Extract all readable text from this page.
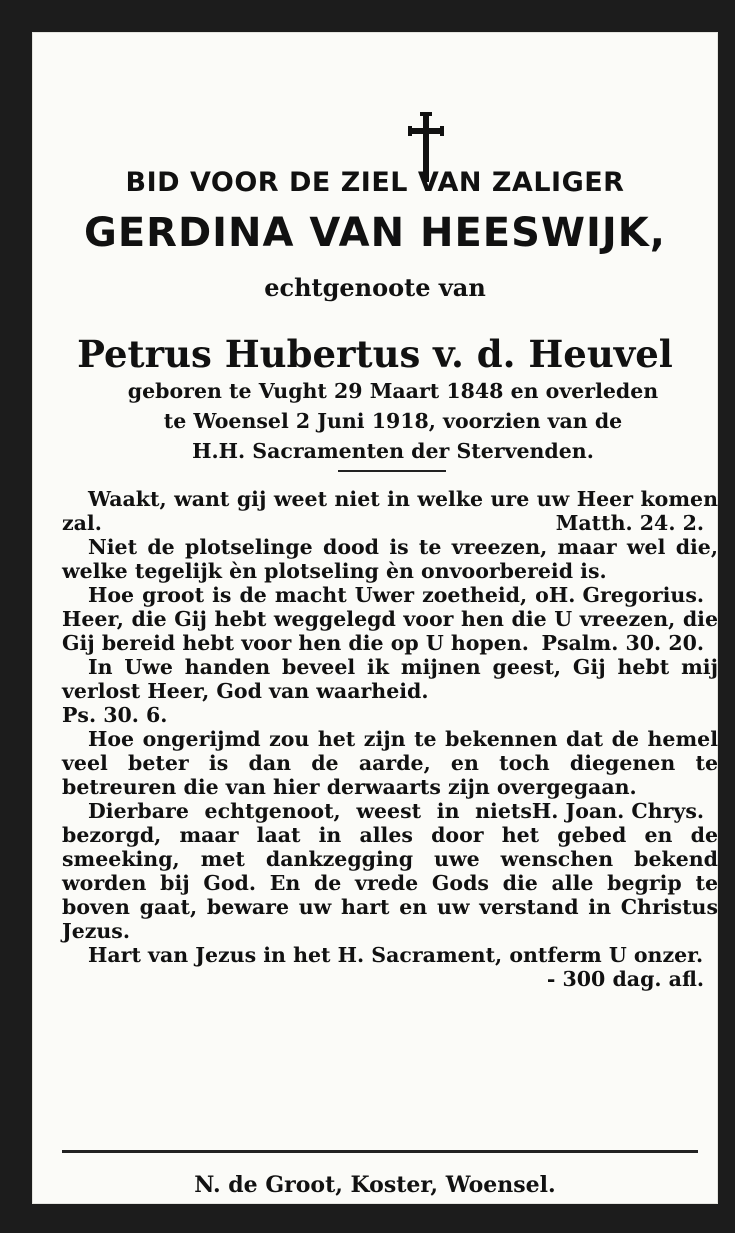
BID VOOR DE ZIEL VAN ZALIGER
GERDINA VAN HEESWIJK,
echtgenoote van
Petrus Hubertus v. d. Heuvel
geboren te Vught 29 Maart 1848 en overleden
te Woensel 2 Juni 1918, voorzien van de
H.H. Sacramenten der Stervenden.

Waakt, want gij weet niet in welke ure uw Heer komen zal.	Matth. 24. 2.

Niet de plotselinge dood is te vreezen, maar wel die, welke tegelijk èn plotseling èn onvoorbereid is.
H. Gregorius.

Hoe groot is de macht Uwer zoetheid, o Heer, die Gij hebt weggelegd voor hen die U vreezen, die Gij bereid hebt voor hen die op U hopen. Psalm. 30. 20.

In Uwe handen beveel ik mijnen geest, Gij hebt mij verlost Heer, God van waarheid.
Ps. 30. 6.

Hoe ongerijmd zou het zijn te bekennen dat de hemel veel beter is dan de aarde, en toch diegenen te betreuren die van hier derwaarts zijn overgegaan.
H. Joan. Chrys.

Dierbare echtgenoot, weest in niets bezorgd, maar laat in alles door het gebed en de smeeking, met dankzegging uwe wenschen bekend worden bij God. En de vrede Gods die alle begrip te boven gaat, beware uw hart en uw verstand in Christus Jezus.

Hart van Jezus in het H. Sacrament, ontferm U onzer.
- 300 dag. afl.

N. de Groot, Koster, Woensel.
